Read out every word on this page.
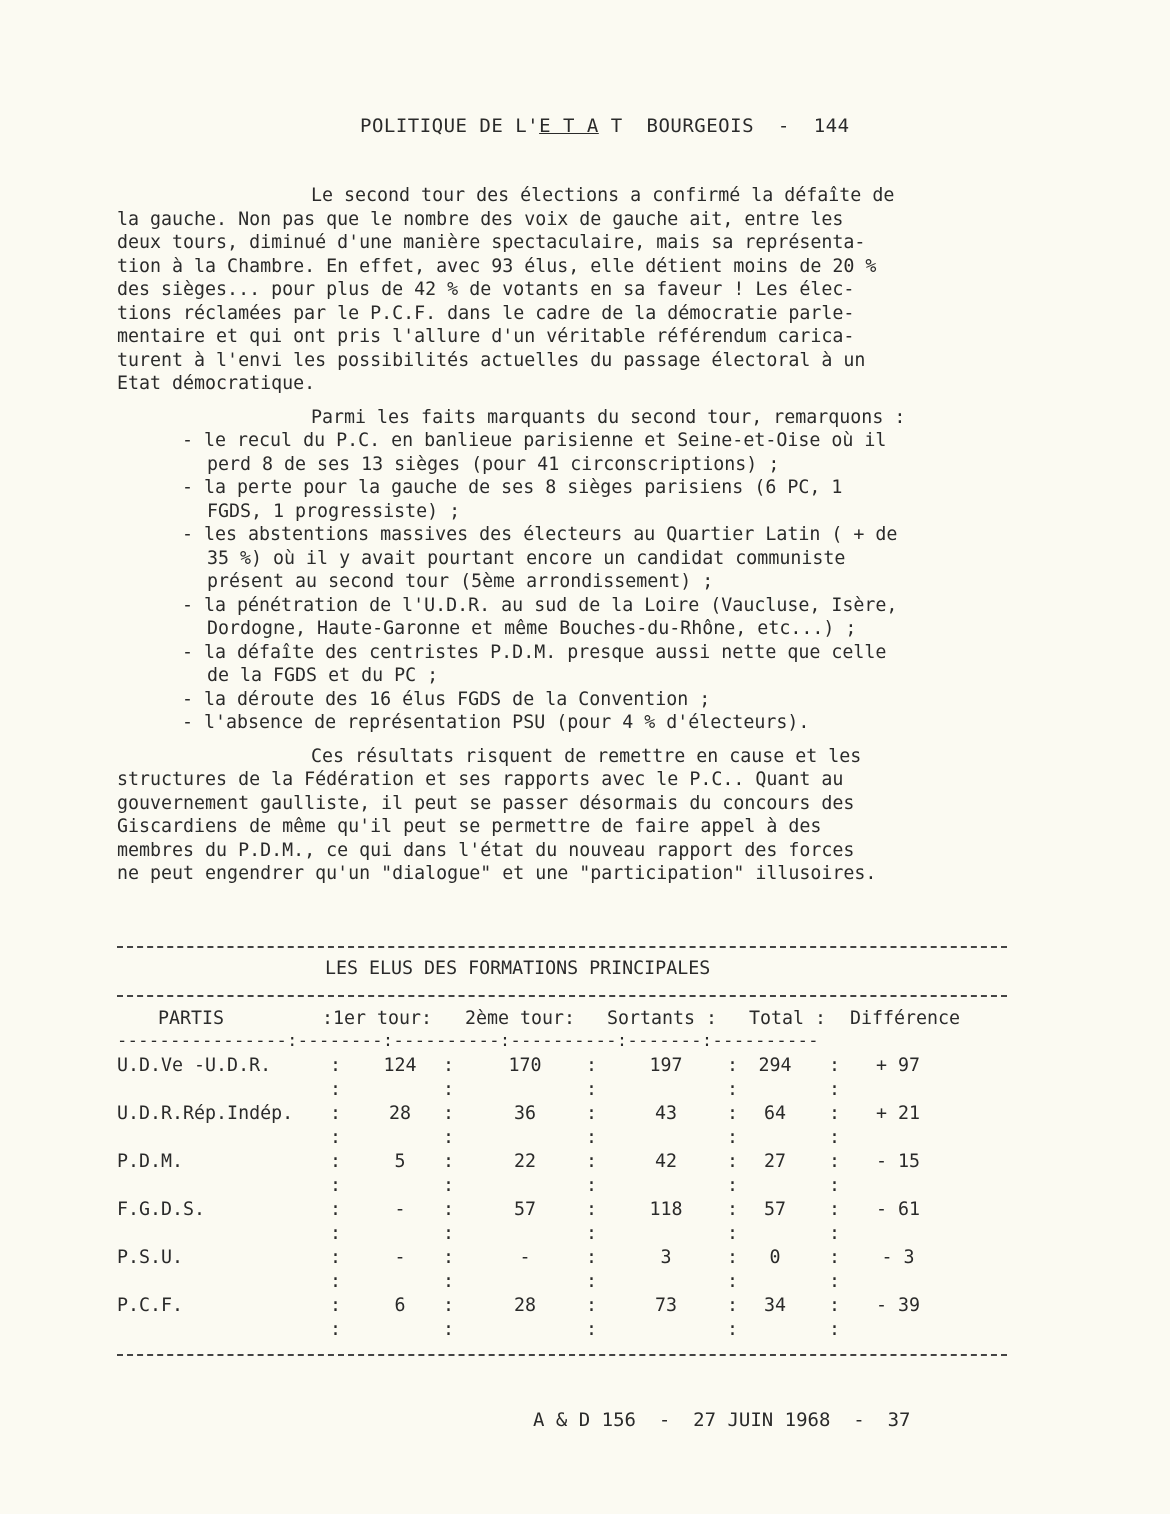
POLITIQUE DE L'E T A T  BOURGEOIS  -  144
Le second tour des élections a confirmé la défaîte de
la gauche. Non pas que le nombre des voix de gauche ait, entre les
deux tours, diminué d'une manière spectaculaire, mais sa représenta-
tion à la Chambre. En effet, avec 93 élus, elle détient moins de 20 %
des sièges... pour plus de 42 % de votants en sa faveur ! Les élec-
tions réclamées par le P.C.F. dans le cadre de la démocratie parle-
mentaire et qui ont pris l'allure d'un véritable référendum carica-
turent à l'envi les possibilités actuelles du passage électoral à un
Etat démocratique.
Parmi les faits marquants du second tour, remarquons :
- le recul du P.C. en banlieue parisienne et Seine-et-Oise où il
perd 8 de ses 13 sièges (pour 41 circonscriptions) ;
- la perte pour la gauche de ses 8 sièges parisiens (6 PC, 1
FGDS, 1 progressiste) ;
- les abstentions massives des électeurs au Quartier Latin ( + de
35 %) où il y avait pourtant encore un candidat communiste
présent au second tour (5ème arrondissement) ;
- la pénétration de l'U.D.R. au sud de la Loire (Vaucluse, Isère,
Dordogne, Haute-Garonne et même Bouches-du-Rhône, etc...) ;
- la défaîte des centristes P.D.M. presque aussi nette que celle
de la FGDS et du PC ;
- la déroute des 16 élus FGDS de la Convention ;
- l'absence de représentation PSU (pour 4 % d'électeurs).
Ces résultats risquent de remettre en cause et les
structures de la Fédération et ses rapports avec le P.C.. Quant au
gouvernement gaulliste, il peut se passer désormais du concours des
Giscardiens de même qu'il peut se permettre de faire appel à des
membres du P.D.M., ce qui dans l'état du nouveau rapport des forces
ne peut engendrer qu'un "dialogue" et une "participation" illusoires.
LES ELUS DES FORMATIONS PRINCIPALES
PARTIS	:1er tour: 2ème tour: Sortants : Total : Différence
----------------:--------:----------:----------:-------:----------
U.D.Ve -U.D.R.	124	170	197	294	+ 97
:
:
:
:
:
:
:
:
:
:
U.D.R.Rép.Indép.	28	36	43	64	+ 21
:
:
:
:
:
:
:
:
:
:
P.D.M.	5	22	42	27	- 15
:
:
:
:
:
:
:
:
:
:
F.G.D.S.	-	57	118	57	- 61
:
:
:
:
:
:
:
:
:
:
P.S.U.	-	-	3	0	- 3
:
:
:
:
:
:
:
:
:
:
P.C.F.	6	28	73	34	- 39
:
:
:
:
:
:
:
:
:
:
A & D 156  -  27 JUIN 1968  -  37
